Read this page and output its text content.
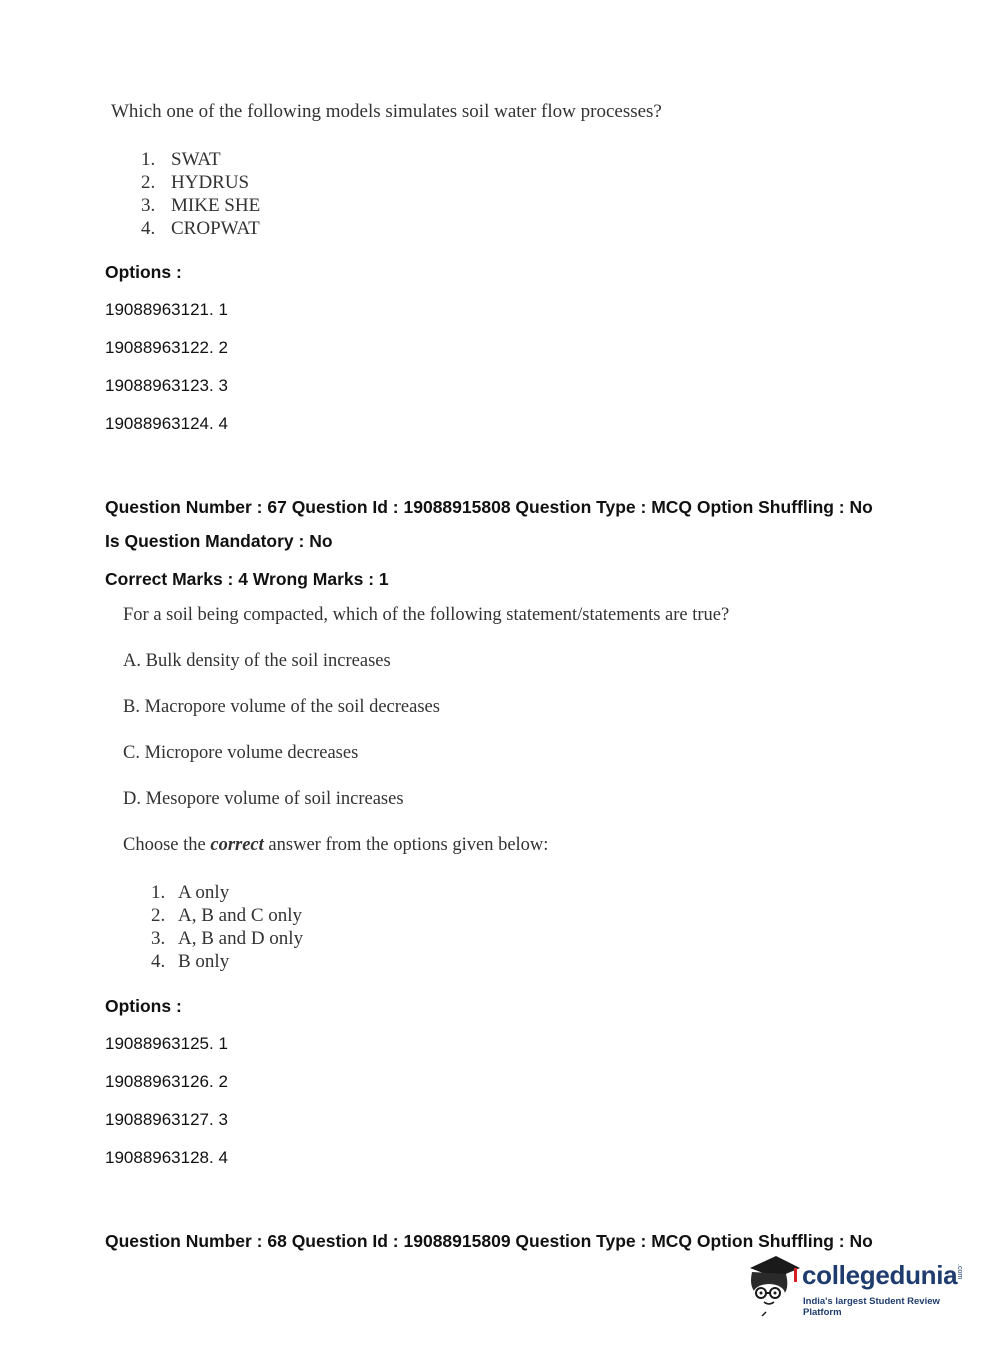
Which one of the following models simulates soil water flow processes?
1. SWAT
2. HYDRUS
3. MIKE SHE
4. CROPWAT
Options :
19088963121. 1
19088963122. 2
19088963123. 3
19088963124. 4
Question Number : 67 Question Id : 19088915808 Question Type : MCQ Option Shuffling : No
Is Question Mandatory : No
Correct Marks : 4 Wrong Marks : 1
For a soil being compacted, which of the following statement/statements are true?
A. Bulk density of the soil increases
B. Macropore volume of the soil decreases
C. Micropore volume decreases
D. Mesopore volume of soil increases
Choose the correct answer from the options given below:
1. A only
2. A, B and C only
3. A, B and D only
4. B only
Options :
19088963125. 1
19088963126. 2
19088963127. 3
19088963128. 4
Question Number : 68 Question Id : 19088915809 Question Type : MCQ Option Shuffling : No
collegedunia
.com
India's largest Student Review Platform
